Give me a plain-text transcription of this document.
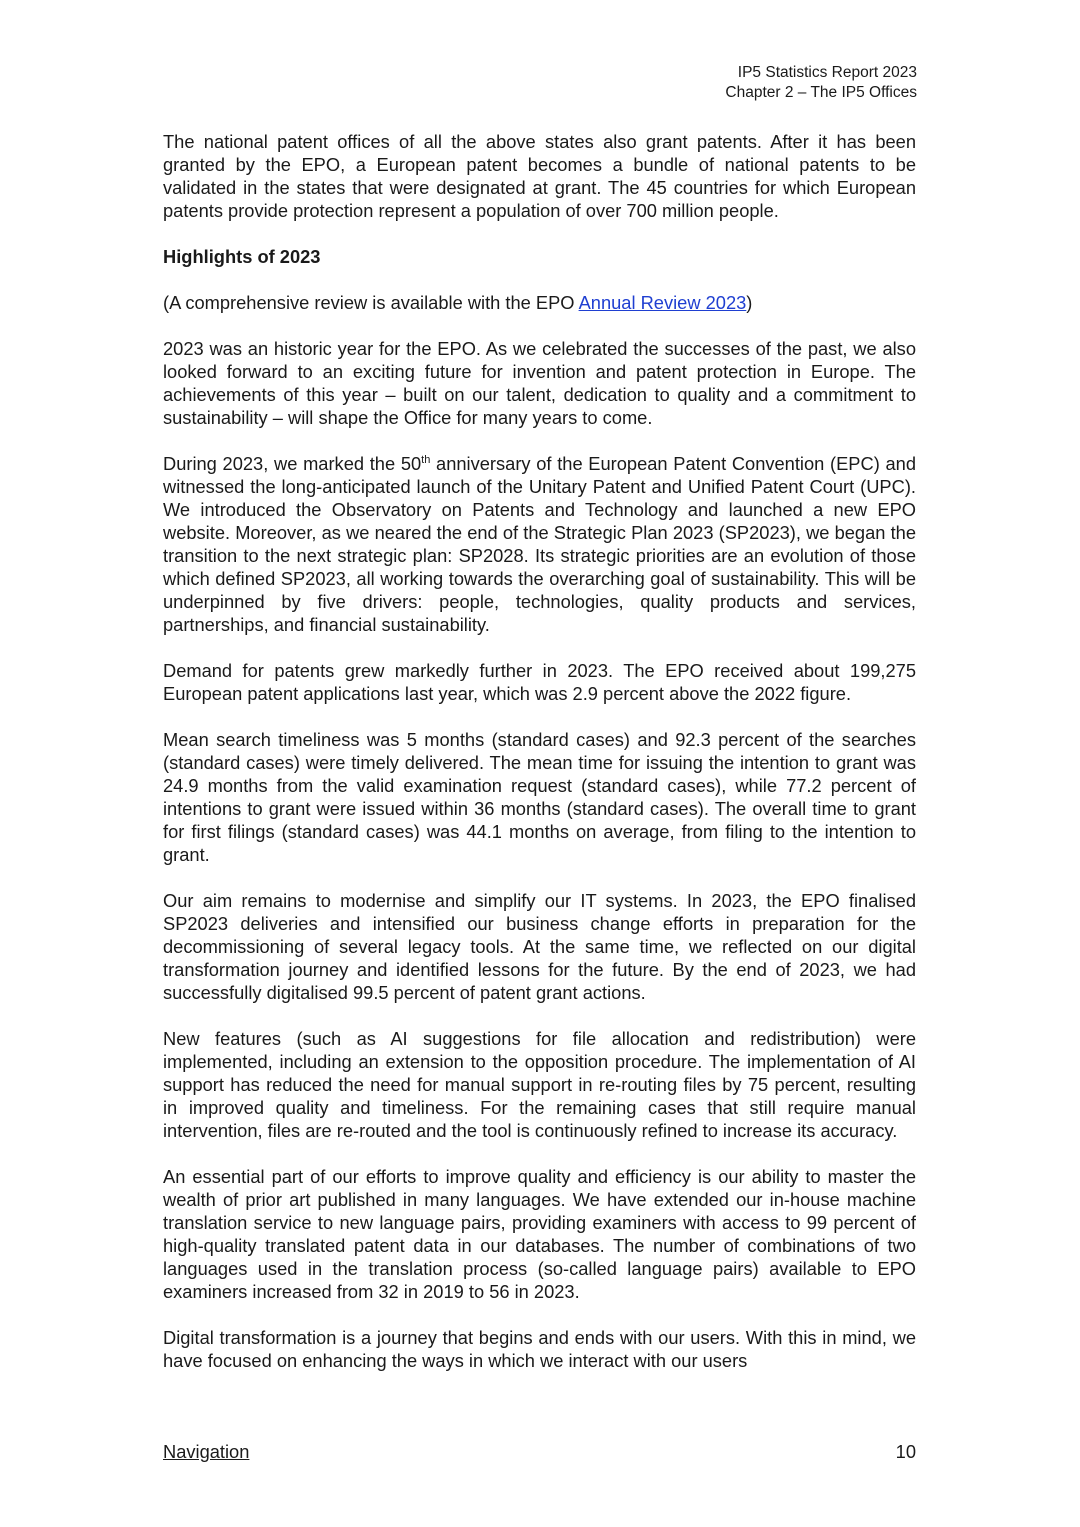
IP5 Statistics Report 2023
Chapter 2 – The IP5 Offices

The national patent offices of all the above states also grant patents. After it has been granted by the EPO, a European patent becomes a bundle of national patents to be validated in the states that were designated at grant. The 45 countries for which European patents provide protection represent a population of over 700 million people.

Highlights of 2023

(A comprehensive review is available with the EPO Annual Review 2023)

2023 was an historic year for the EPO. As we celebrated the successes of the past, we also looked forward to an exciting future for invention and patent protection in Europe. The achievements of this year – built on our talent, dedication to quality and a commitment to sustainability – will shape the Office for many years to come.

During 2023, we marked the 50th anniversary of the European Patent Convention (EPC) and witnessed the long-anticipated launch of the Unitary Patent and Unified Patent Court (UPC). We introduced the Observatory on Patents and Technology and launched a new EPO website. Moreover, as we neared the end of the Strategic Plan 2023 (SP2023), we began the transition to the next strategic plan: SP2028. Its strategic priorities are an evolution of those which defined SP2023, all working towards the overarching goal of sustainability. This will be underpinned by five drivers: people, technologies, quality products and services, partnerships, and financial sustainability.

Demand for patents grew markedly further in 2023. The EPO received about 199,275 European patent applications last year, which was 2.9 percent above the 2022 figure.

Mean search timeliness was 5 months (standard cases) and 92.3 percent of the searches (standard cases) were timely delivered. The mean time for issuing the intention to grant was 24.9 months from the valid examination request (standard cases), while 77.2 percent of intentions to grant were issued within 36 months (standard cases). The overall time to grant for first filings (standard cases) was 44.1 months on average, from filing to the intention to grant.

Our aim remains to modernise and simplify our IT systems. In 2023, the EPO finalised SP2023 deliveries and intensified our business change efforts in preparation for the decommissioning of several legacy tools. At the same time, we reflected on our digital transformation journey and identified lessons for the future. By the end of 2023, we had successfully digitalised 99.5 percent of patent grant actions.

New features (such as AI suggestions for file allocation and redistribution) were implemented, including an extension to the opposition procedure. The implementation of AI support has reduced the need for manual support in re-routing files by 75 percent, resulting in improved quality and timeliness. For the remaining cases that still require manual intervention, files are re-routed and the tool is continuously refined to increase its accuracy.

An essential part of our efforts to improve quality and efficiency is our ability to master the wealth of prior art published in many languages. We have extended our in-house machine translation service to new language pairs, providing examiners with access to 99 percent of high-quality translated patent data in our databases. The number of combinations of two languages used in the translation process (so-called language pairs) available to EPO examiners increased from 32 in 2019 to 56 in 2023.

Digital transformation is a journey that begins and ends with our users. With this in mind, we have focused on enhancing the ways in which we interact with our users

Navigation	10
